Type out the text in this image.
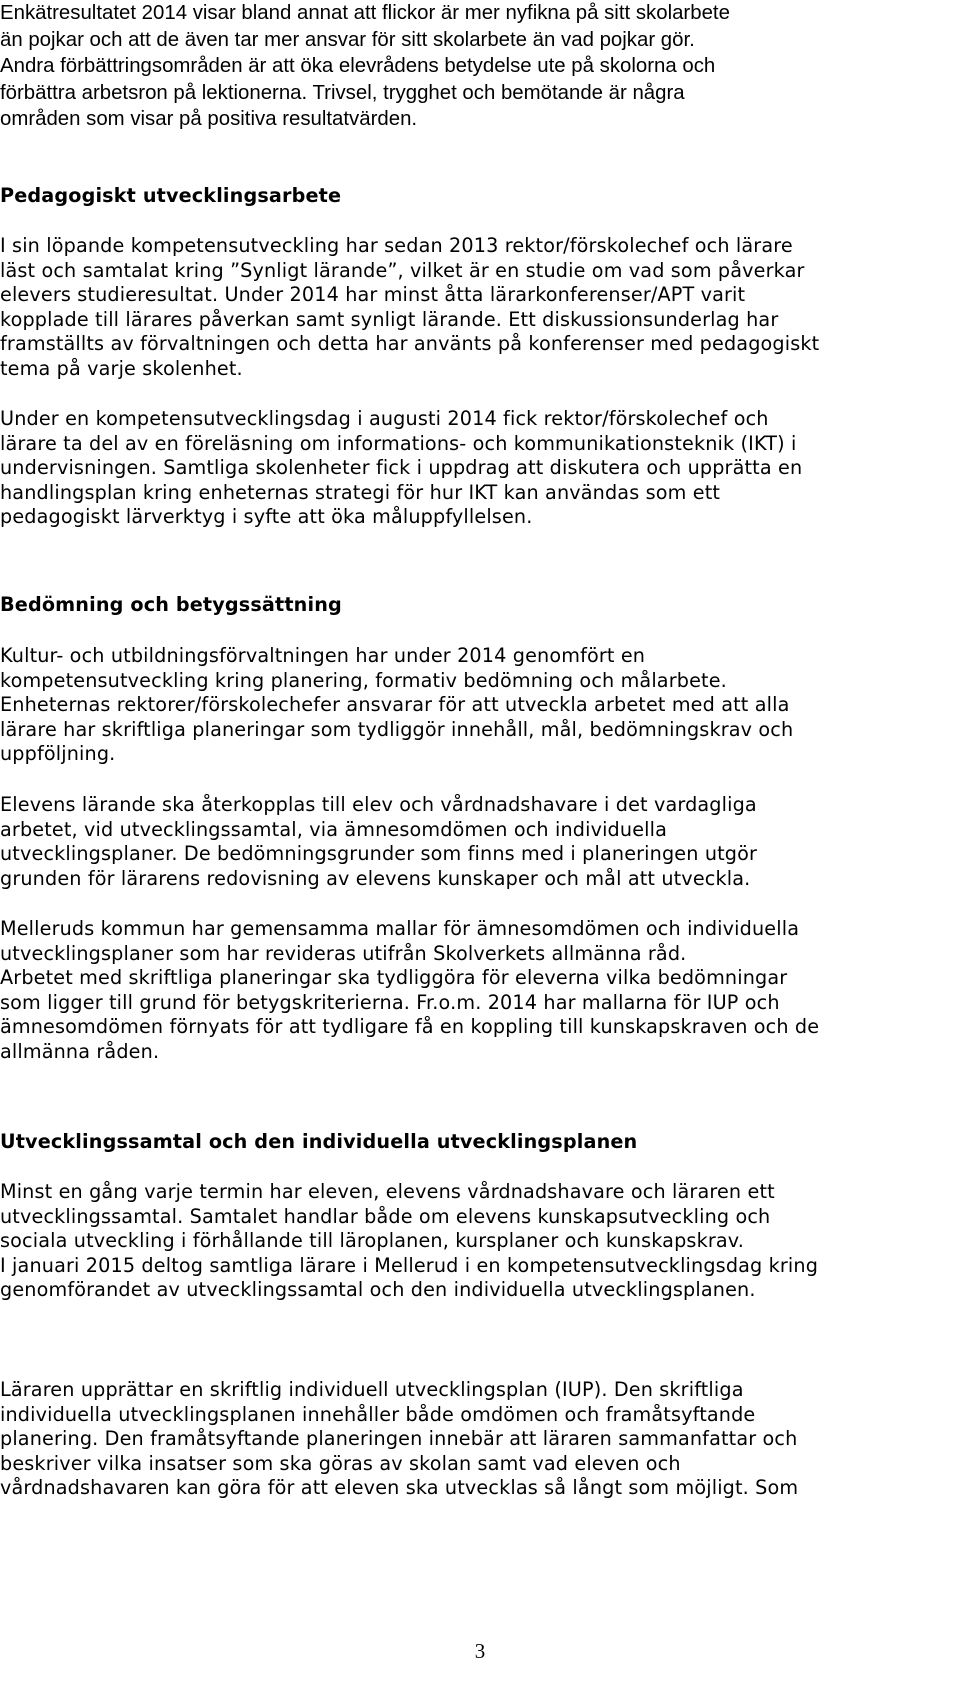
Enkätresultatet 2014 visar bland annat att flickor är mer nyfikna på sitt skolarbete
än pojkar och att de även tar mer ansvar för sitt skolarbete än vad pojkar gör.
Andra förbättringsområden är att öka elevrådens betydelse ute på skolorna och
förbättra arbetsron på lektionerna. Trivsel, trygghet och bemötande är några
områden som visar på positiva resultatvärden.

Pedagogiskt utvecklingsarbete

I sin löpande kompetensutveckling har sedan 2013 rektor/förskolechef och lärare
läst och samtalat kring ”Synligt lärande”, vilket är en studie om vad som påverkar
elevers studieresultat. Under 2014 har minst åtta lärarkonferenser/APT varit
kopplade till lärares påverkan samt synligt lärande. Ett diskussionsunderlag har
framställts av förvaltningen och detta har använts på konferenser med pedagogiskt
tema på varje skolenhet.

Under en kompetensutvecklingsdag i augusti 2014 fick rektor/förskolechef och
lärare ta del av en föreläsning om informations- och kommunikationsteknik (IKT) i
undervisningen. Samtliga skolenheter fick i uppdrag att diskutera och upprätta en
handlingsplan kring enheternas strategi för hur IKT kan användas som ett
pedagogiskt lärverktyg i syfte att öka måluppfyllelsen.

Bedömning och betygssättning

Kultur- och utbildningsförvaltningen har under 2014 genomfört en
kompetensutveckling kring planering, formativ bedömning och målarbete.
Enheternas rektorer/förskolechefer ansvarar för att utveckla arbetet med att alla
lärare har skriftliga planeringar som tydliggör innehåll, mål, bedömningskrav och
uppföljning.

Elevens lärande ska återkopplas till elev och vårdnadshavare i det vardagliga
arbetet, vid utvecklingssamtal, via ämnesomdömen och individuella
utvecklingsplaner. De bedömningsgrunder som finns med i planeringen utgör
grunden för lärarens redovisning av elevens kunskaper och mål att utveckla.

Melleruds kommun har gemensamma mallar för ämnesomdömen och individuella
utvecklingsplaner som har revideras utifrån Skolverkets allmänna råd.
Arbetet med skriftliga planeringar ska tydliggöra för eleverna vilka bedömningar
som ligger till grund för betygskriterierna. Fr.o.m. 2014 har mallarna för IUP och
ämnesomdömen förnyats för att tydligare få en koppling till kunskapskraven och de
allmänna råden.

Utvecklingssamtal och den individuella utvecklingsplanen

Minst en gång varje termin har eleven, elevens vårdnadshavare och läraren ett
utvecklingssamtal. Samtalet handlar både om elevens kunskapsutveckling och
sociala utveckling i förhållande till läroplanen, kursplaner och kunskapskrav.
I januari 2015 deltog samtliga lärare i Mellerud i en kompetensutvecklingsdag kring
genomförandet av utvecklingssamtal och den individuella utvecklingsplanen.

Läraren upprättar en skriftlig individuell utvecklingsplan (IUP). Den skriftliga
individuella utvecklingsplanen innehåller både omdömen och framåtsyftande
planering. Den framåtsyftande planeringen innebär att läraren sammanfattar och
beskriver vilka insatser som ska göras av skolan samt vad eleven och
vårdnadshavaren kan göra för att eleven ska utvecklas så långt som möjligt. Som

3
